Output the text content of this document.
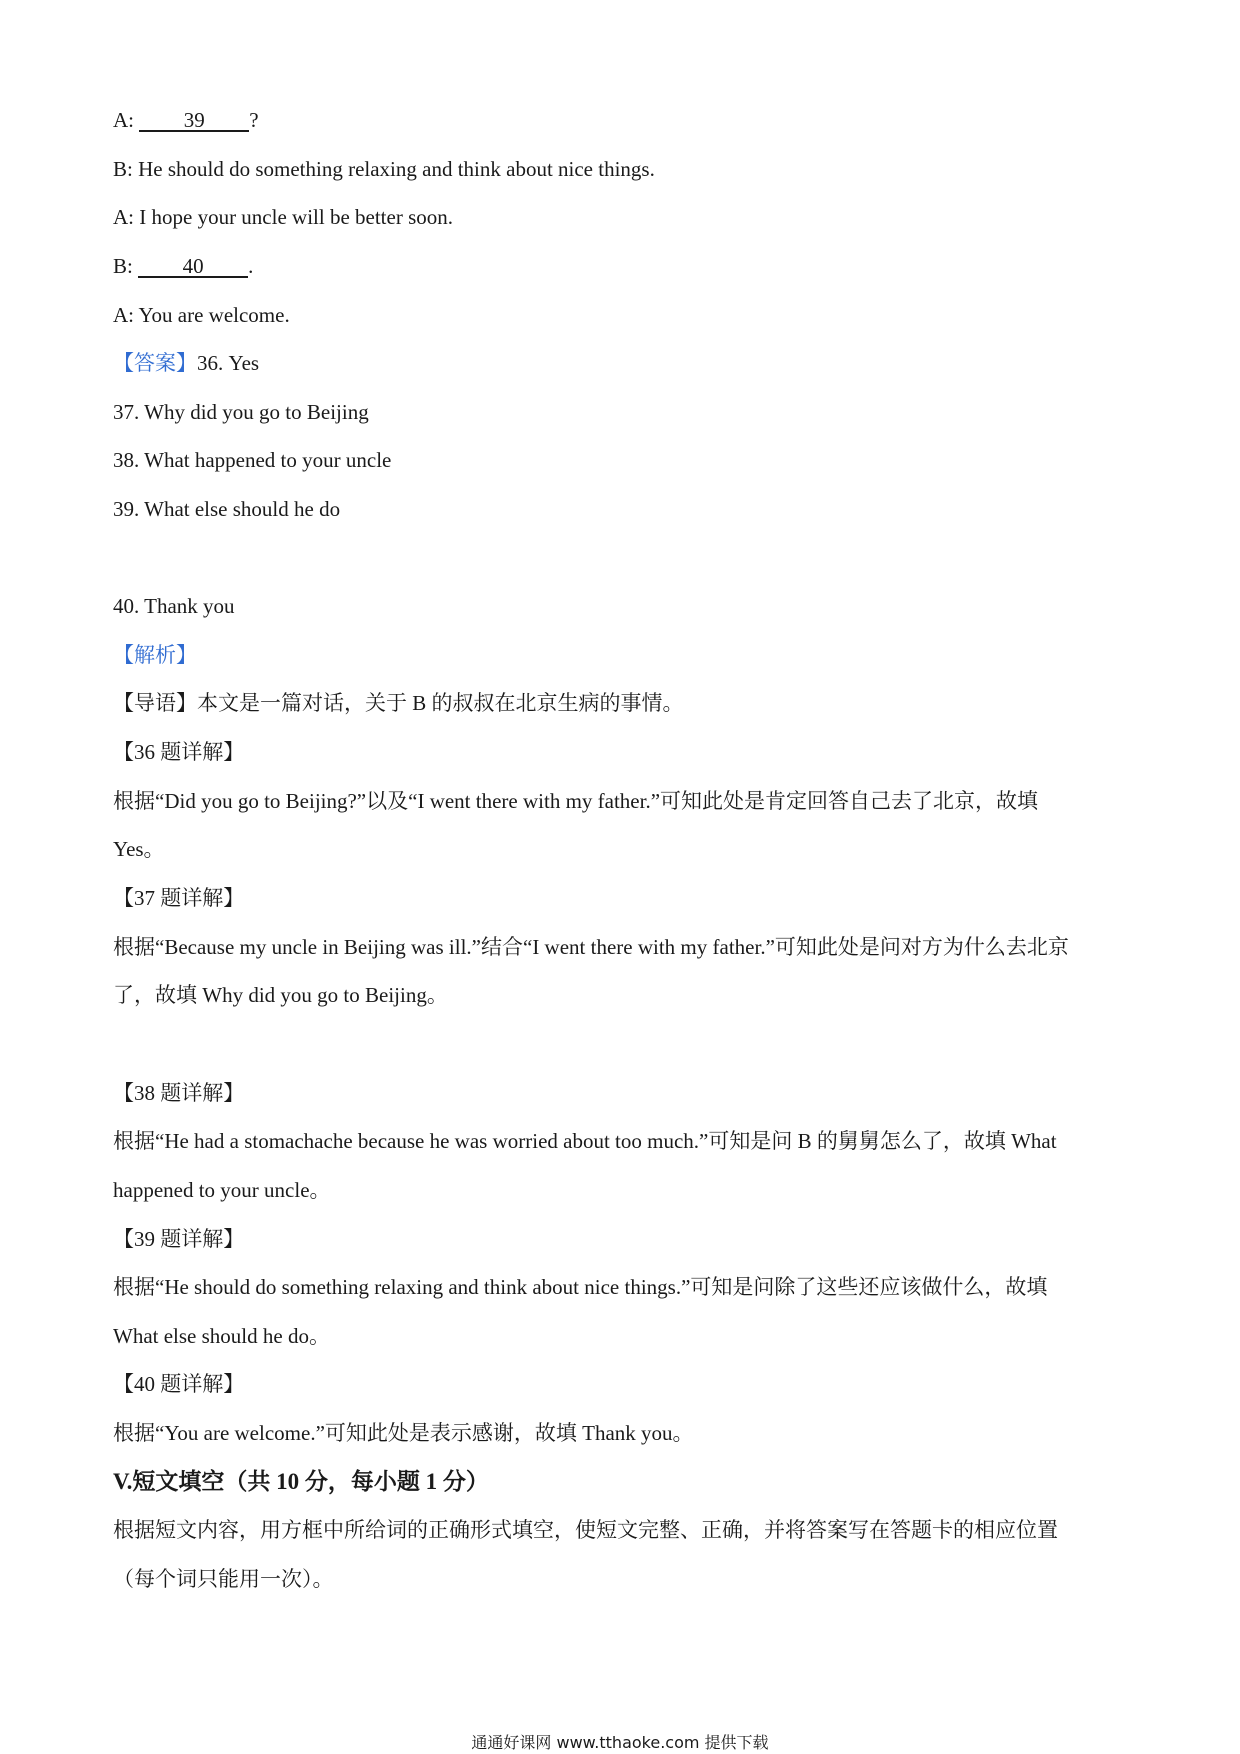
A: 39 ?
B: He should do something relaxing and think about nice things.
A: I hope your uncle will be better soon.
B: 40 .
A: You are welcome.
【答案】36. Yes
37. Why did you go to Beijing
38. What happened to your uncle
39. What else should he do
40. Thank you
【解析】
【导语】本文是一篇对话，关于 B 的叔叔在北京生病的事情。
【36 题详解】
根据“Did you go to Beijing?”以及“I went there with my father.”可知此处是肯定回答自己去了北京，故填
Yes。
【37 题详解】
根据“Because my uncle in Beijing was ill.”结合“I went there with my father.”可知此处是问对方为什么去北京
了，故填 Why did you go to Beijing。
【38 题详解】
根据“He had a stomachache because he was worried about too much.”可知是问 B 的舅舅怎么了，故填 What
happened to your uncle。
【39 题详解】
根据“He should do something relaxing and think about nice things.”可知是问除了这些还应该做什么，故填
What else should he do。
【40 题详解】
根据“You are welcome.”可知此处是表示感谢，故填 Thank you。
V.短文填空（共 10 分，每小题 1 分）
根据短文内容，用方框中所给词的正确形式填空，使短文完整、正确，并将答案写在答题卡的相应位置
（每个词只能用一次）。
通通好课网 www.tthaoke.com 提供下载
